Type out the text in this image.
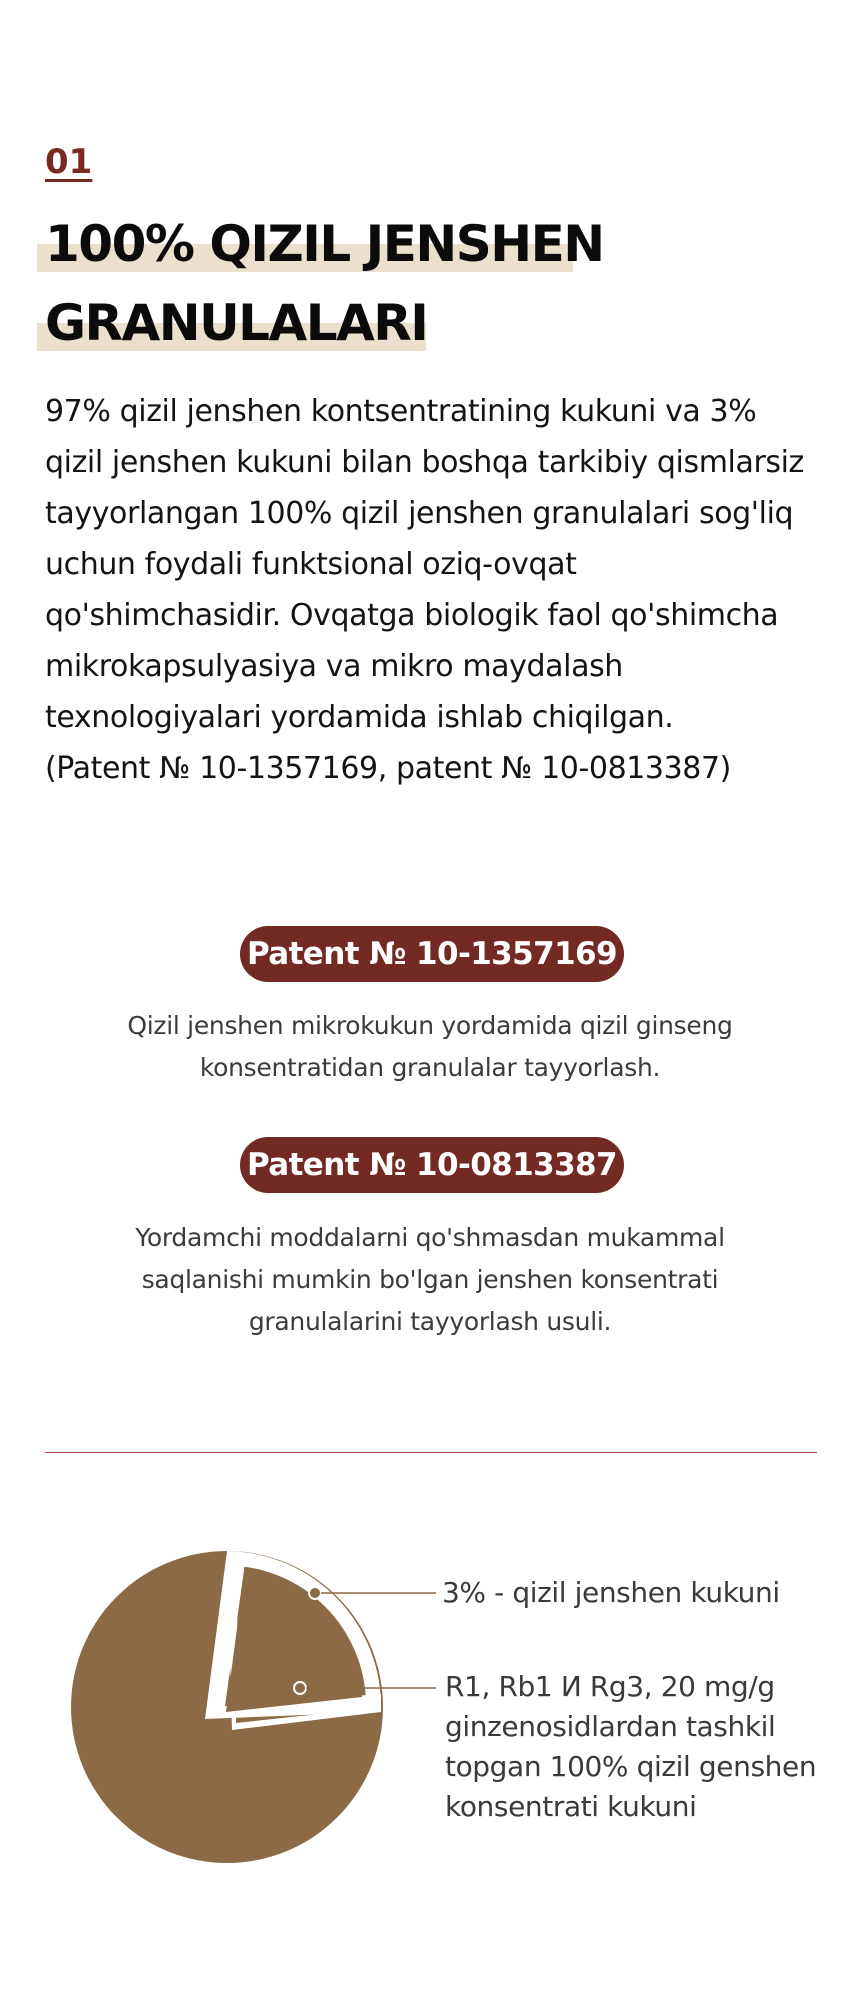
01
100% QIZIL JENSHEN
GRANULALARI

97% qizil jenshen kontsentratining kukuni va 3% qizil jenshen kukuni bilan boshqa tarkibiy qismlarsiz tayyorlangan 100% qizil jenshen granulalari sog'liq uchun foydali funktsional oziq-ovqat qo'shimchasidir. Ovqatga biologik faol qo'shimcha mikrokapsulyasiya va mikro maydalash texnologiyalari yordamida ishlab chiqilgan.

(Patent № 10-1357169, patent № 10-0813387)

Patent № 10-1357169
Qizil jenshen mikrokukun yordamida qizil ginseng konsentratidan granulalar tayyorlash.
Patent № 10-0813387
Yordamchi moddalarni qo'shmasdan mukammal saqlanishi mumkin bo'lgan jenshen konsentrati granulalarini tayyorlash usuli.
3% - qizil jenshen kukuni
R1, Rb1 И Rg3, 20 mg/g ginzenosidlardan tashkil topgan 100% qizil genshen konsentrati kukuni
